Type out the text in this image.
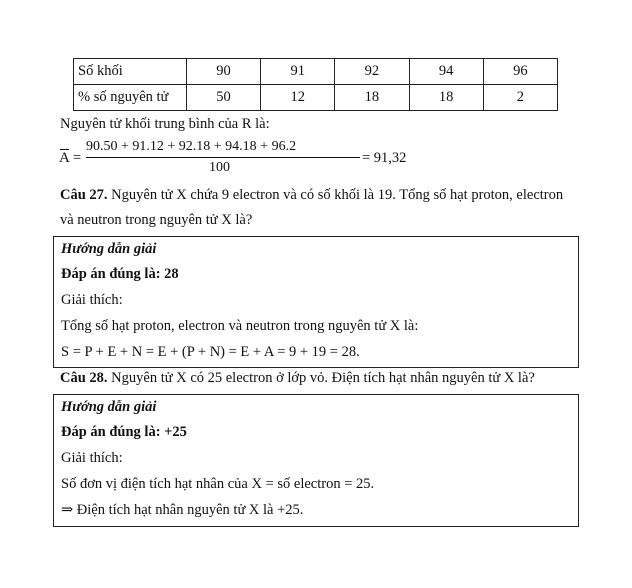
Số khối	90	91	92	94	96
% số nguyên tử	50	12	18	18	2
Nguyên tử khối trung bình của R là:
A =
90.50 + 91.12 + 92.18 + 94.18 + 96.2
100
= 91,32
Câu 27. Nguyên tử X chứa 9 electron và có số khối là 19. Tổng số hạt proton, electron
và neutron trong nguyên tử X là?
Hướng dẫn giải
Đáp án đúng là: 28
Giải thích:
Tổng số hạt proton, electron và neutron trong nguyên tử X là:
S = P + E + N = E + (P + N) = E + A = 9 + 19 = 28.
Câu 28. Nguyên tử X có 25 electron ở lớp vỏ. Điện tích hạt nhân nguyên tử X là?
Hướng dẫn giải
Đáp án đúng là: +25
Giải thích:
Số đơn vị điện tích hạt nhân của X = số electron = 25.
⇒ Điện tích hạt nhân nguyên tử X là +25.
